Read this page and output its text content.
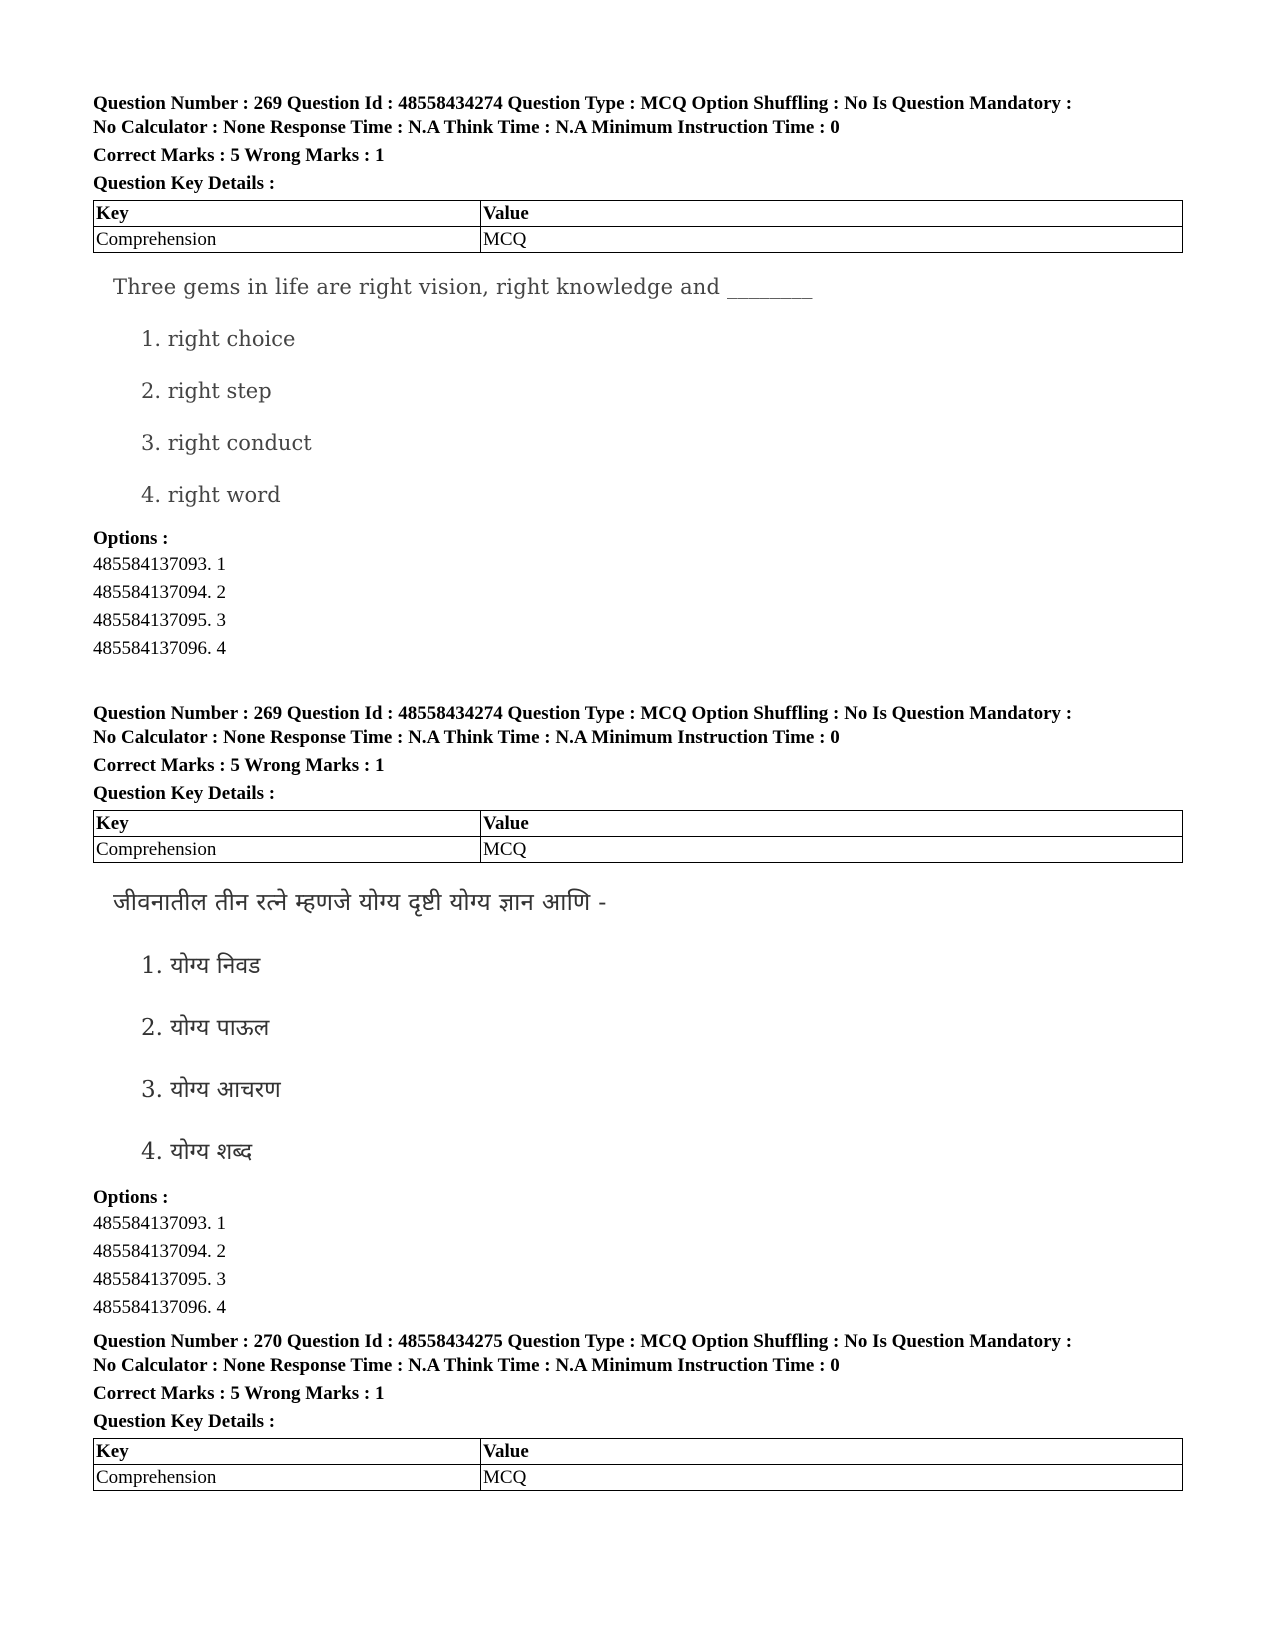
Question Number : 269 Question Id : 48558434274 Question Type : MCQ Option Shuffling : No Is Question Mandatory :
No Calculator : None Response Time : N.A Think Time : N.A Minimum Instruction Time : 0
Correct Marks : 5 Wrong Marks : 1
Question Key Details :
Key	Value
Comprehension	MCQ
Three gems in life are right vision, right knowledge and ________
1. right choice
2. right step
3. right conduct
4. right word
Options :
485584137093. 1
485584137094. 2
485584137095. 3
485584137096. 4
Question Number : 269 Question Id : 48558434274 Question Type : MCQ Option Shuffling : No Is Question Mandatory :
No Calculator : None Response Time : N.A Think Time : N.A Minimum Instruction Time : 0
Correct Marks : 5 Wrong Marks : 1
Question Key Details :
Key	Value
Comprehension	MCQ
जीवनातील तीन रत्ने म्हणजे योग्य दृष्टी योग्य ज्ञान आणि -
1. योग्य निवड
2. योग्य पाऊल
3. योग्य आचरण
4. योग्य शब्द
Options :
485584137093. 1
485584137094. 2
485584137095. 3
485584137096. 4
Question Number : 270 Question Id : 48558434275 Question Type : MCQ Option Shuffling : No Is Question Mandatory :
No Calculator : None Response Time : N.A Think Time : N.A Minimum Instruction Time : 0
Correct Marks : 5 Wrong Marks : 1
Question Key Details :
Key	Value
Comprehension	MCQ
